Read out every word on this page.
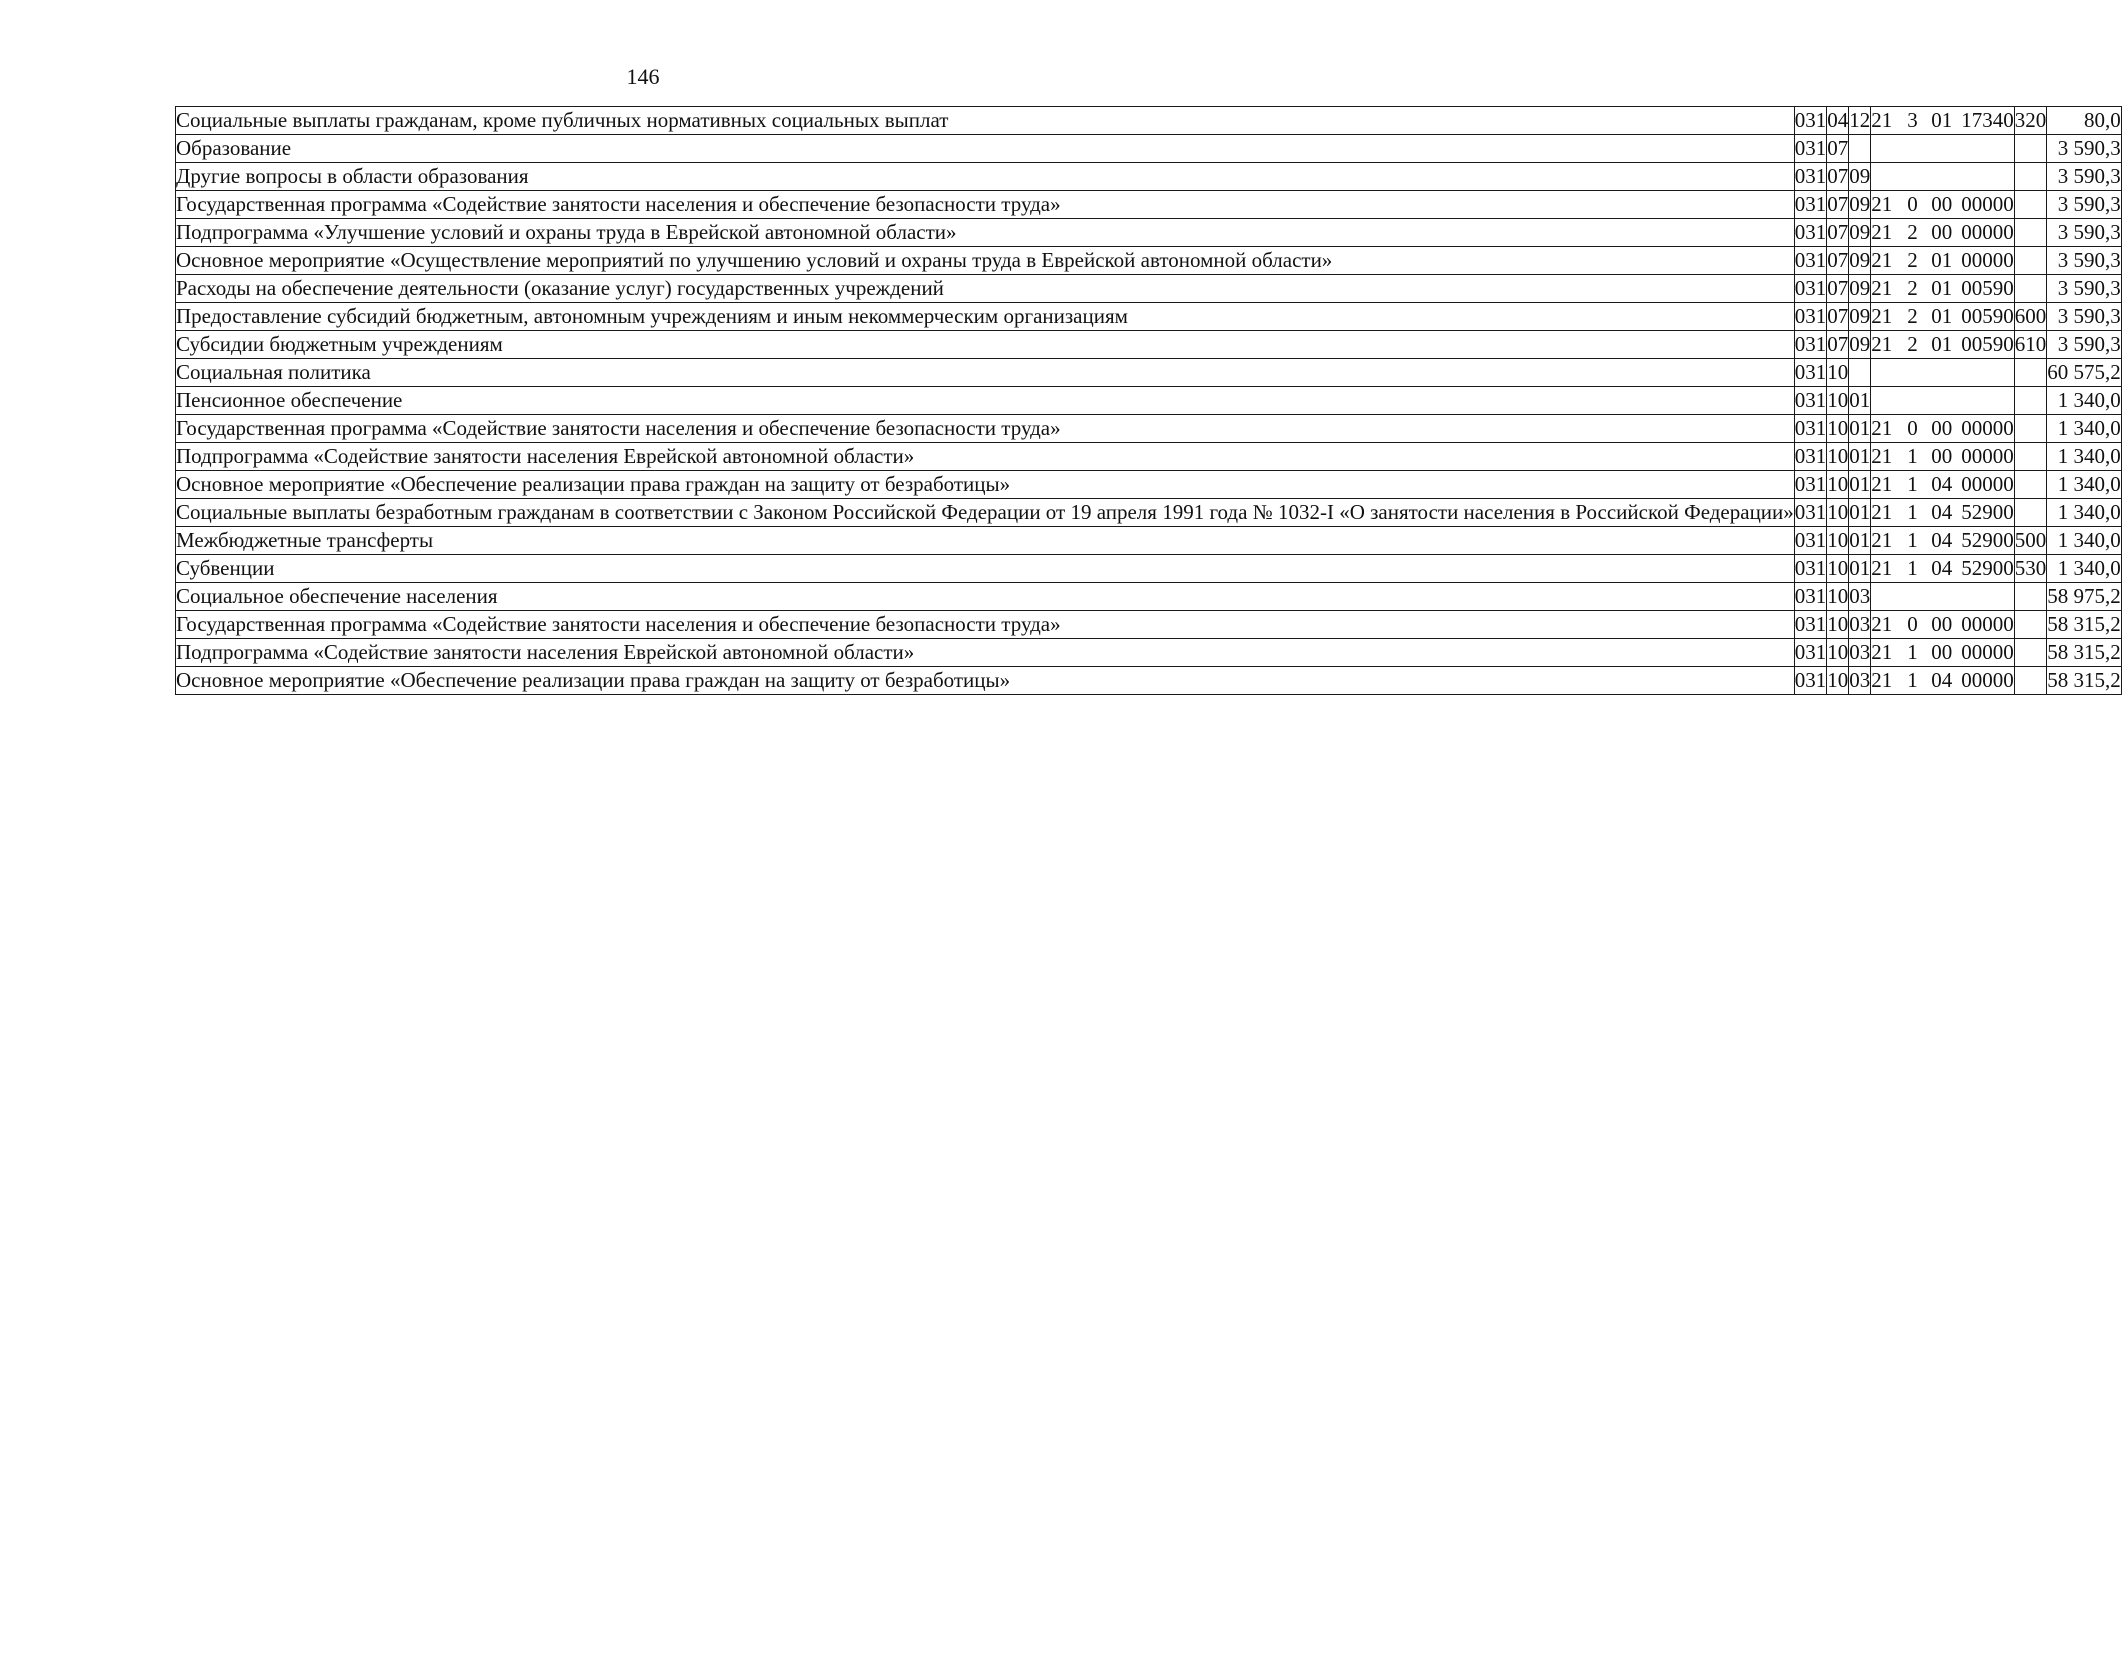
146
Социальные выплаты гражданам, кроме публичных нормативных социальных выплат	031	04	12	21 3 01 17340	320	80,0
Образование	031	07				3 590,3
Другие вопросы в области образования	031	07	09			3 590,3
Государственная программа «Содействие занятости населения и обеспечение безопасности труда»	031	07	09	21 0 00 00000		3 590,3
Подпрограмма «Улучшение условий и охраны труда в Еврейской автономной области»	031	07	09	21 2 00 00000		3 590,3
Основное мероприятие «Осуществление мероприятий по улучшению условий и охраны труда в Еврейской автономной области»	031	07	09	21 2 01 00000		3 590,3
Расходы на обеспечение деятельности (оказание услуг) государственных учреждений	031	07	09	21 2 01 00590		3 590,3
Предоставление субсидий бюджетным, автономным учреждениям и иным некоммерческим организациям	031	07	09	21 2 01 00590	600	3 590,3
Субсидии бюджетным учреждениям	031	07	09	21 2 01 00590	610	3 590,3
Социальная политика	031	10				60 575,2
Пенсионное обеспечение	031	10	01			1 340,0
Государственная программа «Содействие занятости населения и обеспечение безопасности труда»	031	10	01	21 0 00 00000		1 340,0
Подпрограмма «Содействие занятости населения Еврейской автономной области»	031	10	01	21 1 00 00000		1 340,0
Основное мероприятие «Обеспечение реализации права граждан на защиту от безработицы»	031	10	01	21 1 04 00000		1 340,0
Социальные выплаты безработным гражданам в соответствии с Законом Российской Федерации от 19 апреля 1991 года № 1032-I «О занятости населения в Российской Федерации»	031	10	01	21 1 04 52900		1 340,0
Межбюджетные трансферты	031	10	01	21 1 04 52900	500	1 340,0
Субвенции	031	10	01	21 1 04 52900	530	1 340,0
Социальное обеспечение населения	031	10	03			58 975,2
Государственная программа «Содействие занятости населения и обеспечение безопасности труда»	031	10	03	21 0 00 00000		58 315,2
Подпрограмма «Содействие занятости населения Еврейской автономной области»	031	10	03	21 1 00 00000		58 315,2
Основное мероприятие «Обеспечение реализации права граждан на защиту от безработицы»	031	10	03	21 1 04 00000		58 315,2
